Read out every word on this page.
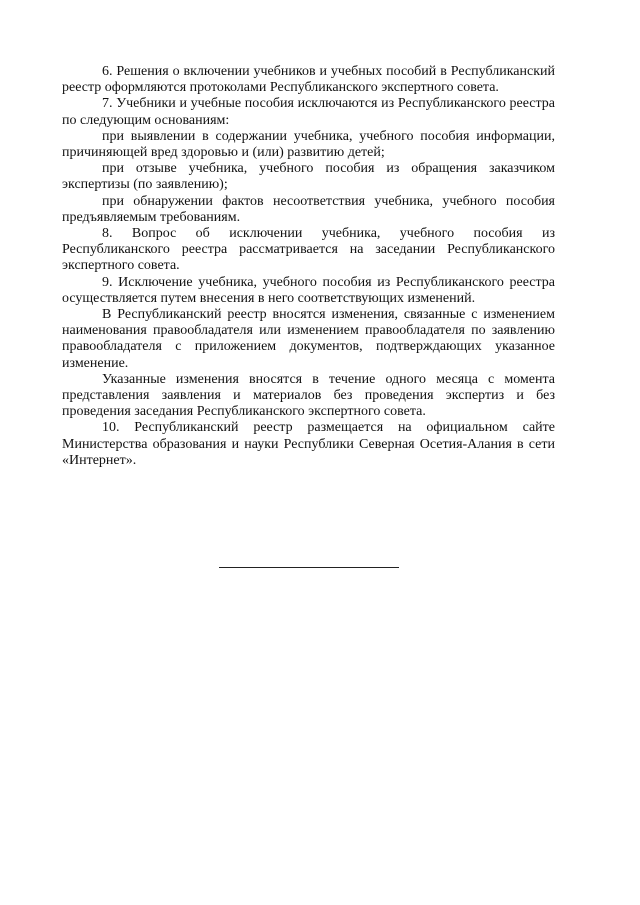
6. Решения о включении учебников и учебных пособий в Республиканский реестр оформляются протоколами Республиканского экспертного совета.

7. Учебники и учебные пособия исключаются из Республиканского реестра по следующим основаниям:

при выявлении в содержании учебника, учебного пособия информации, причиняющей вред здоровью и (или) развитию детей;

при отзыве учебника, учебного пособия из обращения заказчиком экспертизы (по заявлению);

при обнаружении фактов несоответствия учебника, учебного пособия предъявляемым требованиям.

8. Вопрос об исключении учебника, учебного пособия из Республиканского реестра рассматривается на заседании Республиканского экспертного совета.

9. Исключение учебника, учебного пособия из Республиканского реестра осуществляется путем внесения в него соответствующих изменений.

В Республиканский реестр вносятся изменения, связанные с изменением наименования правообладателя или изменением правообладателя по заявлению правообладателя с приложением документов, подтверждающих указанное изменение.

Указанные изменения вносятся в течение одного месяца с момента представления заявления и материалов без проведения экспертиз и без проведения заседания Республиканского экспертного совета.

10. Республиканский реестр размещается на официальном сайте Министерства образования и науки Республики Северная Осетия-Алания в сети «Интернет».
